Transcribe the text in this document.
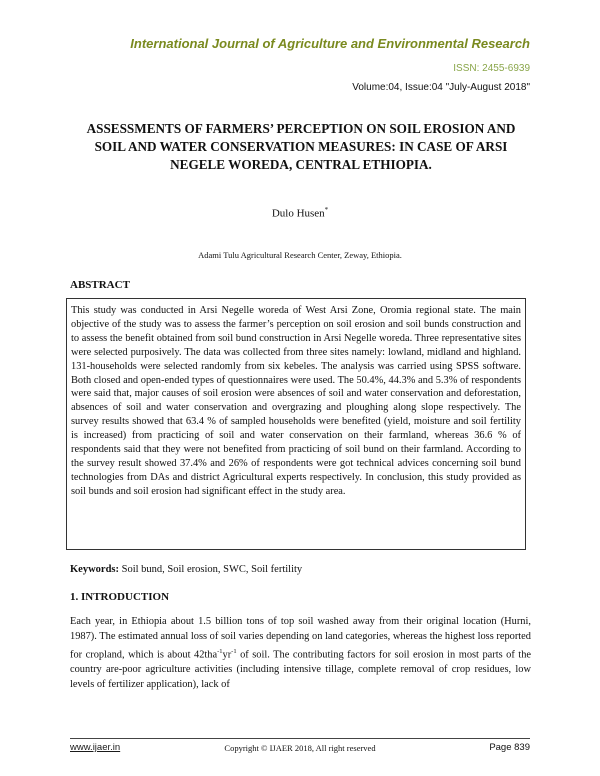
International Journal of Agriculture and Environmental Research

ISSN: 2455-6939

Volume:04, Issue:04 "July-August 2018"

ASSESSMENTS OF FARMERS’ PERCEPTION ON SOIL EROSION AND SOIL AND WATER CONSERVATION MEASURES: IN CASE OF ARSI NEGELE WOREDA, CENTRAL ETHIOPIA.

Dulo Husen*

Adami Tulu Agricultural Research Center, Zeway, Ethiopia.

ABSTRACT

This study was conducted in Arsi Negelle woreda of West Arsi Zone, Oromia regional state. The main objective of the study was to assess the farmer’s perception on soil erosion and soil bunds construction and to assess the benefit obtained from soil bund construction in Arsi Negelle woreda. Three representative sites were selected purposively. The data was collected from three sites namely: lowland, midland and highland. 131-households were selected randomly from six kebeles. The analysis was carried using SPSS software. Both closed and open-ended types of questionnaires were used. The 50.4%, 44.3% and 5.3% of respondents were said that, major causes of soil erosion were absences of soil and water conservation and deforestation, absences of soil and water conservation and overgrazing and ploughing along slope respectively. The survey results showed that 63.4 % of sampled households were benefited (yield, moisture and soil fertility is increased) from practicing of soil and water conservation on their farmland, whereas 36.6 % of respondents said that they were not benefited from practicing of soil bund on their farmland. According to the survey result showed 37.4% and 26% of respondents were got technical advices concerning soil bund technologies from DAs and district Agricultural experts respectively. In conclusion, this study provided as soil bunds and soil erosion had significant effect in the study area.

Keywords: Soil bund, Soil erosion, SWC, Soil fertility

1. INTRODUCTION

Each year, in Ethiopia about 1.5 billion tons of top soil washed away from their original location (Hurni, 1987). The estimated annual loss of soil varies depending on land categories, whereas the highest loss reported for cropland, which is about $42tha^{-1}yr^{-1}$ of soil. The contributing factors for soil erosion in most parts of the country are-poor agriculture activities (including intensive tillage, complete removal of crop residues, low levels of fertilizer application), lack of

www.ijaer.in	Copyright © IJAER 2018, All right reserved	Page 839
